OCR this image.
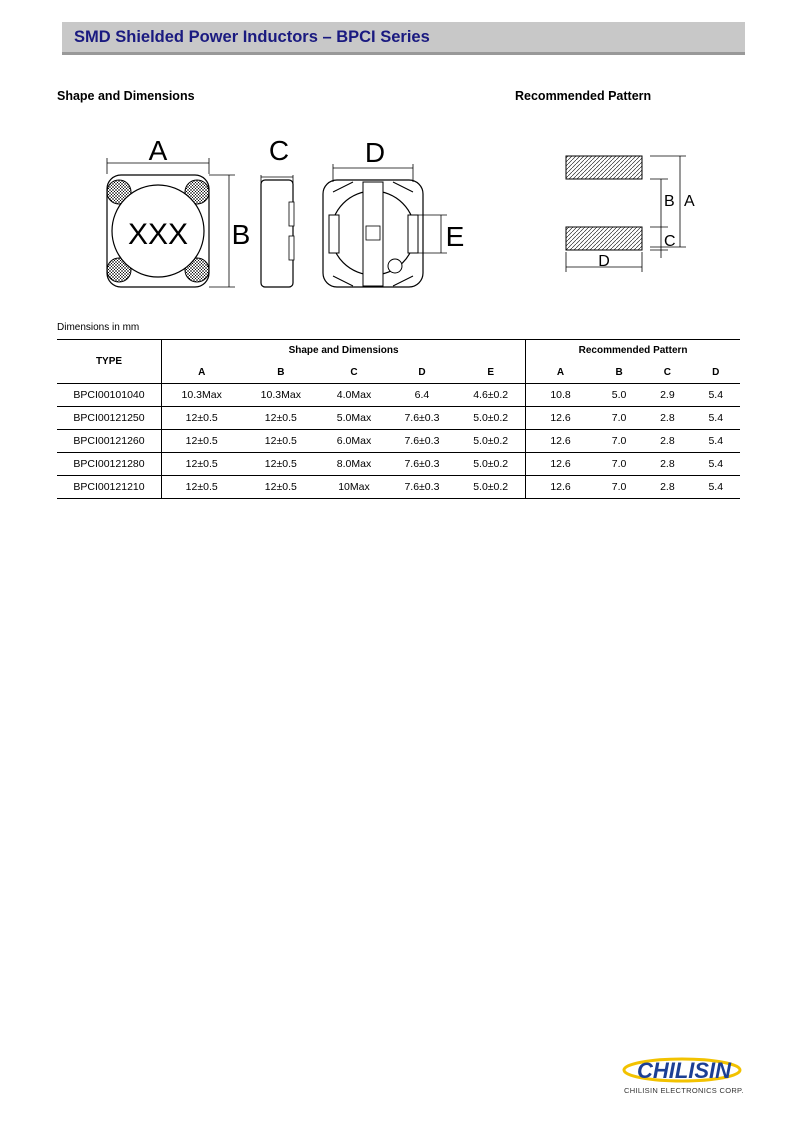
SMD Shielded Power Inductors – BPCI Series
Shape and Dimensions	Recommended Pattern
XXX
A
B
C	D
E
B A
C
D
Dimensions in mm
TYPE	Shape and Dimensions					Recommended Pattern			
	A	B	C	D	E	A	B	C	D
BPCI00101040	10.3Max	10.3Max	4.0Max	6.4	4.6±0.2	10.8	5.0	2.9	5.4
BPCI00121250	12±0.5	12±0.5	5.0Max	7.6±0.3	5.0±0.2	12.6	7.0	2.8	5.4
BPCI00121260	12±0.5	12±0.5	6.0Max	7.6±0.3	5.0±0.2	12.6	7.0	2.8	5.4
BPCI00121280	12±0.5	12±0.5	8.0Max	7.6±0.3	5.0±0.2	12.6	7.0	2.8	5.4
BPCI00121210	12±0.5	12±0.5	10Max	7.6±0.3	5.0±0.2	12.6	7.0	2.8	5.4
CHILISIN
CHILISIN ELECTRONICS CORP.
